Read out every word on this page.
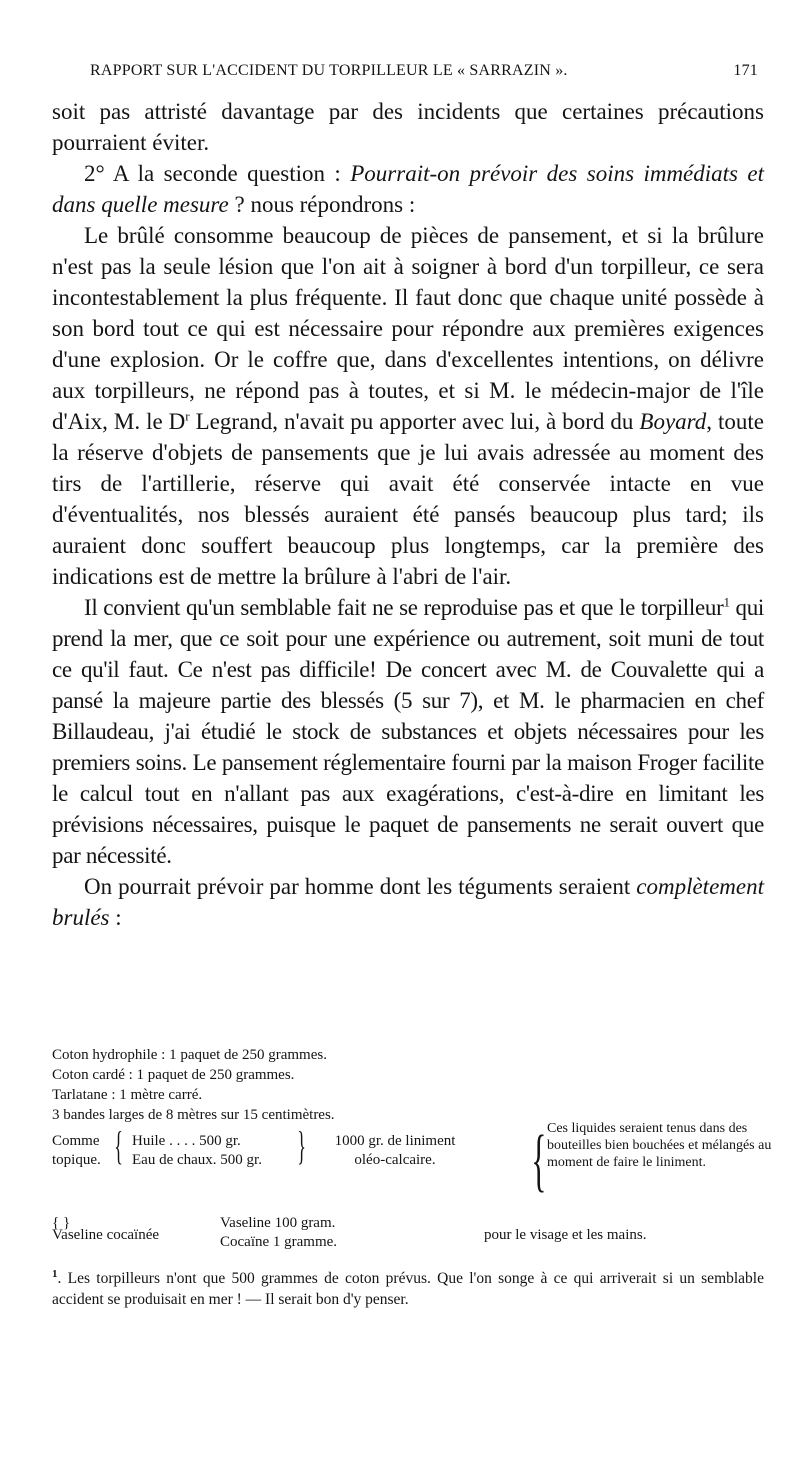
RAPPORT SUR L'ACCIDENT DU TORPILLEUR LE « SARRAZIN ».	171

soit pas attristé davantage par des incidents que certaines précautions pourraient éviter.

2° A la seconde question : Pourrait-on prévoir des soins immédiats et dans quelle mesure ? nous répondrons :

Le brûlé consomme beaucoup de pièces de pansement, et si la brûlure n'est pas la seule lésion que l'on ait à soigner à bord d'un torpilleur, ce sera incontestablement la plus fréquente. Il faut donc que chaque unité possède à son bord tout ce qui est nécessaire pour répondre aux premières exigences d'une explosion. Or le coffre que, dans d'excellentes intentions, on délivre aux torpilleurs, ne répond pas à toutes, et si M. le médecin-major de l'île d'Aix, M. le $D^r$ Legrand, n'avait pu apporter avec lui, à bord du Boyard, toute la réserve d'objets de pansements que je lui avais adressée au moment des tirs de l'artillerie, réserve qui avait été conservée intacte en vue d'éventualités, nos blessés auraient été pansés beaucoup plus tard; ils auraient donc souffert beaucoup plus longtemps, car la première des indications est de mettre la brûlure à l'abri de l'air.

Il convient qu'un semblable fait ne se reproduise pas et que le torpilleur$^1$ qui prend la mer, que ce soit pour une expérience ou autrement, soit muni de tout ce qu'il faut. Ce n'est pas difficile! De concert avec M. de Couvalette qui a pansé la majeure partie des blessés (5 sur 7), et M. le pharmacien en chef Billaudeau, j'ai étudié le stock de substances et objets nécessaires pour les premiers soins. Le pansement réglementaire fourni par la maison Froger facilite le calcul tout en n'allant pas aux exagérations, c'est-à-dire en limitant les prévisions nécessaires, puisque le paquet de pansements ne serait ouvert que par nécessité.

On pourrait prévoir par homme dont les téguments seraient complètement brulés :

Coton hydrophile : 1 paquet de 250 grammes.
Coton cardé : 1 paquet de 250 grammes.
Tarlatane : 1 mètre carré.
3 bandes larges de 8 mètres sur 15 centimètres.
Comme
topique. { Huile . . . . 500 gr.
Eau de chaux. 500 gr. }	1000 gr. de liniment
oléo-calcaire.	{ Ces liquides seraient tenus dans des bouteilles bien bouchées et mélangés au moment de faire le liniment.
Vaseline cocaïnée
{	Vaseline 100 gram.
Cocaïne 1 gramme.
}
pour le visage et les mains.
$^1$. Les torpilleurs n'ont que 500 grammes de coton prévus. Que l'on songe à ce qui arriverait si un semblable accident se produisait en mer ! — Il serait bon d'y penser.
